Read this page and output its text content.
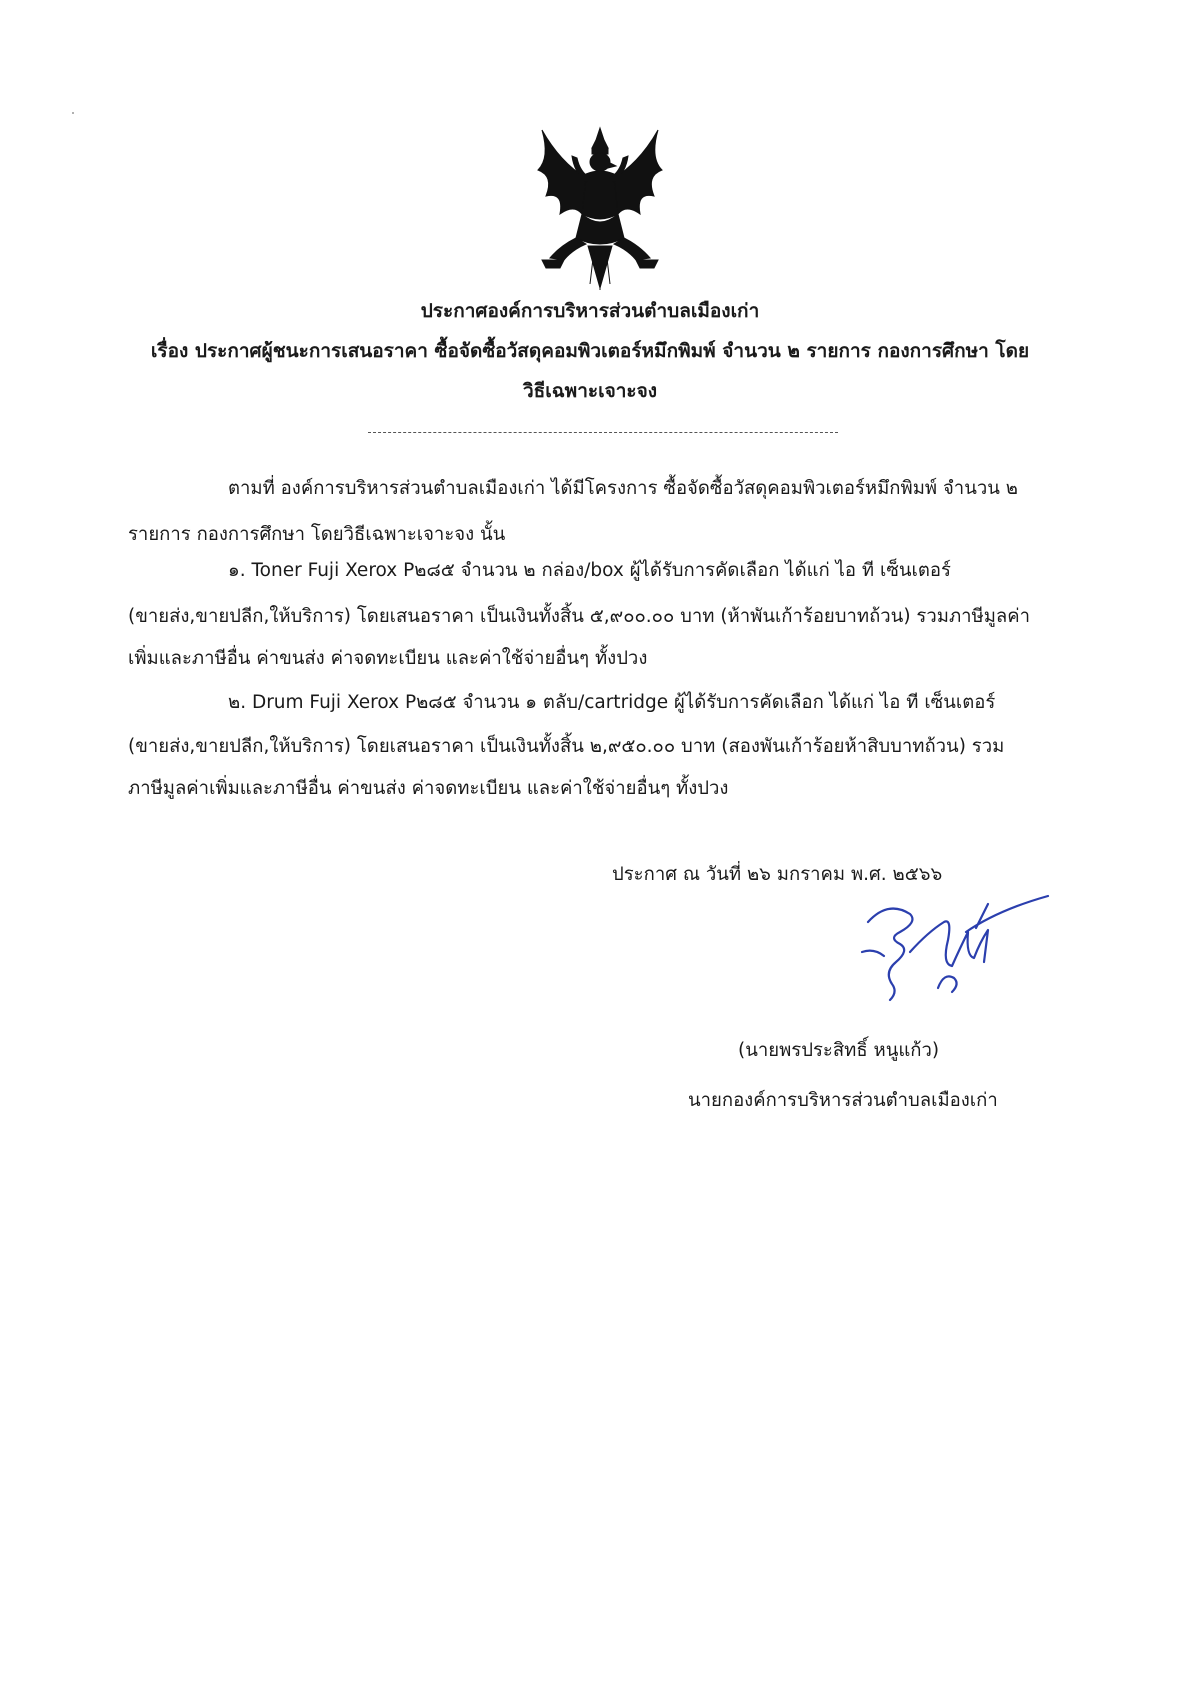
ประกาศองค์การบริหารส่วนตำบลเมืองเก่า
เรื่อง ประกาศผู้ชนะการเสนอราคา ซื้อจัดซื้อวัสดุคอมพิวเตอร์หมึกพิมพ์ จำนวน ๒ รายการ กองการศึกษา โดย
วิธีเฉพาะเจาะจง
ตามที่ องค์การบริหารส่วนตำบลเมืองเก่า ได้มีโครงการ ซื้อจัดซื้อวัสดุคอมพิวเตอร์หมึกพิมพ์ จำนวน ๒
รายการ กองการศึกษา โดยวิธีเฉพาะเจาะจง นั้น
๑. Toner Fuji Xerox P๒๘๕ จำนวน ๒ กล่อง/box ผู้ได้รับการคัดเลือก ได้แก่ ไอ ที เซ็นเตอร์
(ขายส่ง,ขายปลีก,ให้บริการ) โดยเสนอราคา เป็นเงินทั้งสิ้น ๕,๙๐๐.๐๐ บาท (ห้าพันเก้าร้อยบาทถ้วน) รวมภาษีมูลค่า
เพิ่มและภาษีอื่น ค่าขนส่ง ค่าจดทะเบียน และค่าใช้จ่ายอื่นๆ ทั้งปวง
๒. Drum Fuji Xerox P๒๘๕ จำนวน ๑ ตลับ/cartridge ผู้ได้รับการคัดเลือก ได้แก่ ไอ ที เซ็นเตอร์
(ขายส่ง,ขายปลีก,ให้บริการ) โดยเสนอราคา เป็นเงินทั้งสิ้น ๒,๙๕๐.๐๐ บาท (สองพันเก้าร้อยห้าสิบบาทถ้วน) รวม
ภาษีมูลค่าเพิ่มและภาษีอื่น ค่าขนส่ง ค่าจดทะเบียน และค่าใช้จ่ายอื่นๆ ทั้งปวง
ประกาศ ณ วันที่ ๒๖ มกราคม พ.ศ. ๒๕๖๖
(นายพรประสิทธิ์ หนูแก้ว)
นายกองค์การบริหารส่วนตำบลเมืองเก่า
